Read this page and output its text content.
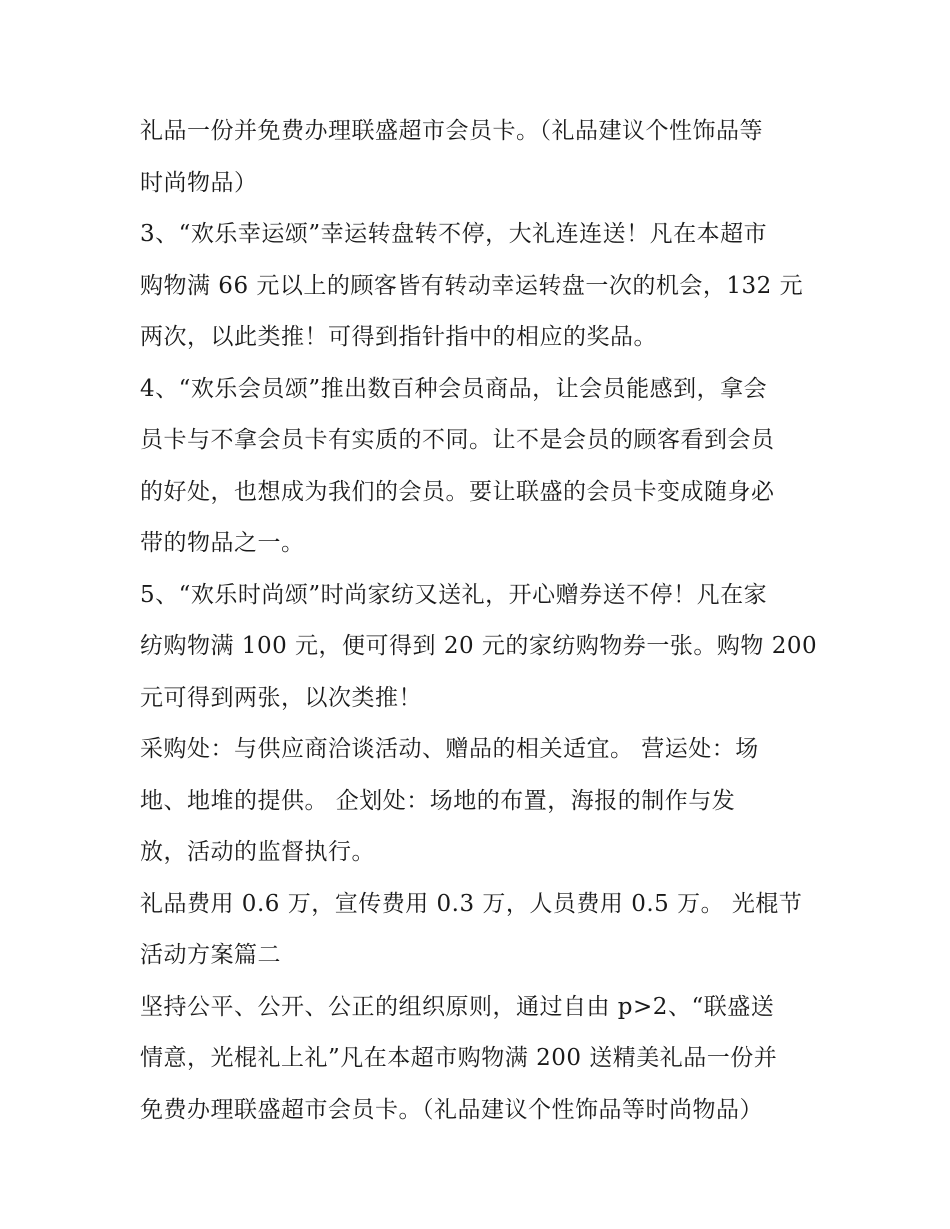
礼品一份并免费办理联盛超市会员卡。（礼品建议个性饰品等
时尚物品）
3、“欢乐幸运颂”幸运转盘转不停，大礼连连送！凡在本超市
购物满 66 元以上的顾客皆有转动幸运转盘一次的机会，132 元
两次，以此类推！可得到指针指中的相应的奖品。
4、“欢乐会员颂”推出数百种会员商品，让会员能感到，拿会
员卡与不拿会员卡有实质的不同。让不是会员的顾客看到会员
的好处，也想成为我们的会员。要让联盛的会员卡变成随身必
带的物品之一。
5、“欢乐时尚颂”时尚家纺又送礼，开心赠券送不停！凡在家
纺购物满 100 元，便可得到 20 元的家纺购物券一张。购物 200
元可得到两张，以次类推！
采购处：与供应商洽谈活动、赠品的相关适宜。 营运处：场
地、地堆的提供。 企划处：场地的布置，海报的制作与发
放，活动的监督执行。
礼品费用 0.6 万，宣传费用 0.3 万，人员费用 0.5 万。 光棍节
活动方案篇二
坚持公平、公开、公正的组织原则，通过自由 p>2、“联盛送
情意，光棍礼上礼”凡在本超市购物满 200 送精美礼品一份并
免费办理联盛超市会员卡。（礼品建议个性饰品等时尚物品）
